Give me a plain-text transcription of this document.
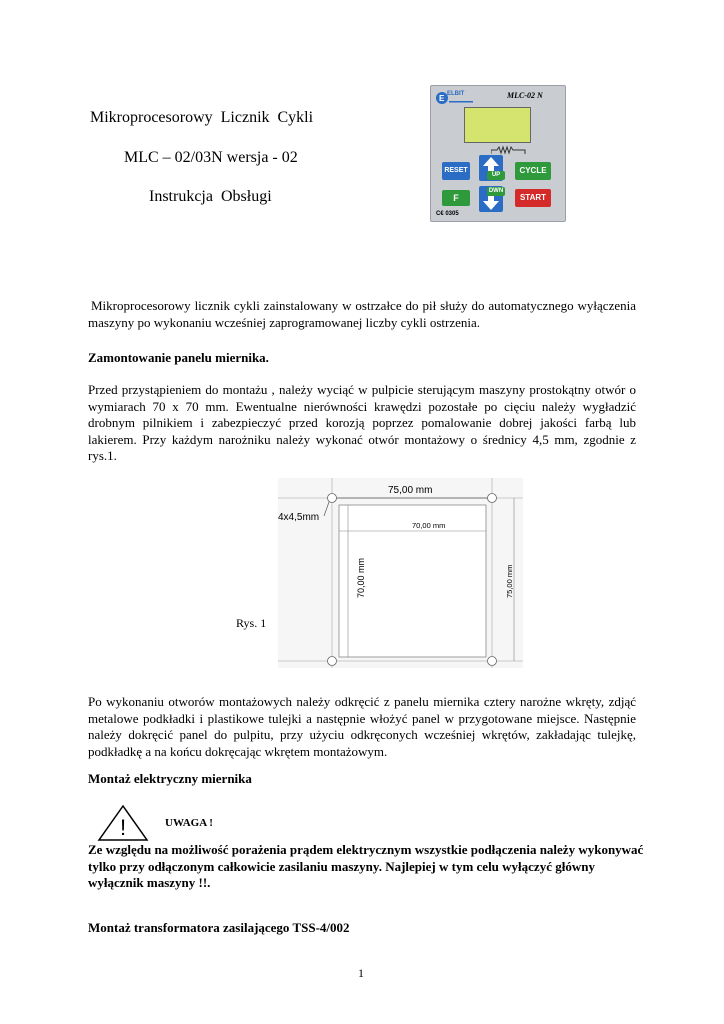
Mikroprocesorowy  Licznik  Cykli
MLC – 02/03N wersja - 02
Instrukcja  Obsługi
E ELBIT	MLC-02 N
RESET
UP	CYCLE
F
DWN
START
C€ 0305
Mikroprocesorowy licznik cykli zainstalowany w ostrzałce do pił służy do automatycznego wyłączenia maszyny po wykonaniu wcześniej zaprogramowanej liczby cykli ostrzenia.
Zamontowanie panelu miernika.
Przed przystąpieniem do montażu , należy wyciąć w pulpicie sterującym maszyny prostokątny otwór o wymiarach 70 x 70 mm. Ewentualne nierówności krawędzi pozostałe po cięciu należy wygładzić drobnym pilnikiem i zabezpieczyć przed korozją poprzez pomalowanie dobrej jakości farbą lub lakierem. Przy każdym narożniku należy wykonać otwór montażowy o średnicy 4,5 mm, zgodnie z rys.1.
75,00 mm
4x4,5mm
70,00 mm
70,00 mm	75,00 mm
Rys. 1
Po wykonaniu otworów montażowych należy odkręcić z panelu miernika cztery narożne wkręty, zdjąć metalowe podkładki i plastikowe tulejki a następnie włożyć panel w przygotowane miejsce. Następnie należy dokręcić panel do pulpitu, przy użyciu odkręconych wcześniej wkrętów, zakładając tulejkę, podkładkę a na końcu dokręcając wkrętem montażowym.
Montaż elektryczny miernika
!	UWAGA !
Ze względu na możliwość porażenia prądem elektrycznym wszystkie podłączenia należy wykonywać tylko przy odłączonym całkowicie zasilaniu maszyny. Najlepiej w tym celu wyłączyć główny wyłącznik maszyny !!.
Montaż transformatora zasilającego TSS-4/002
1
